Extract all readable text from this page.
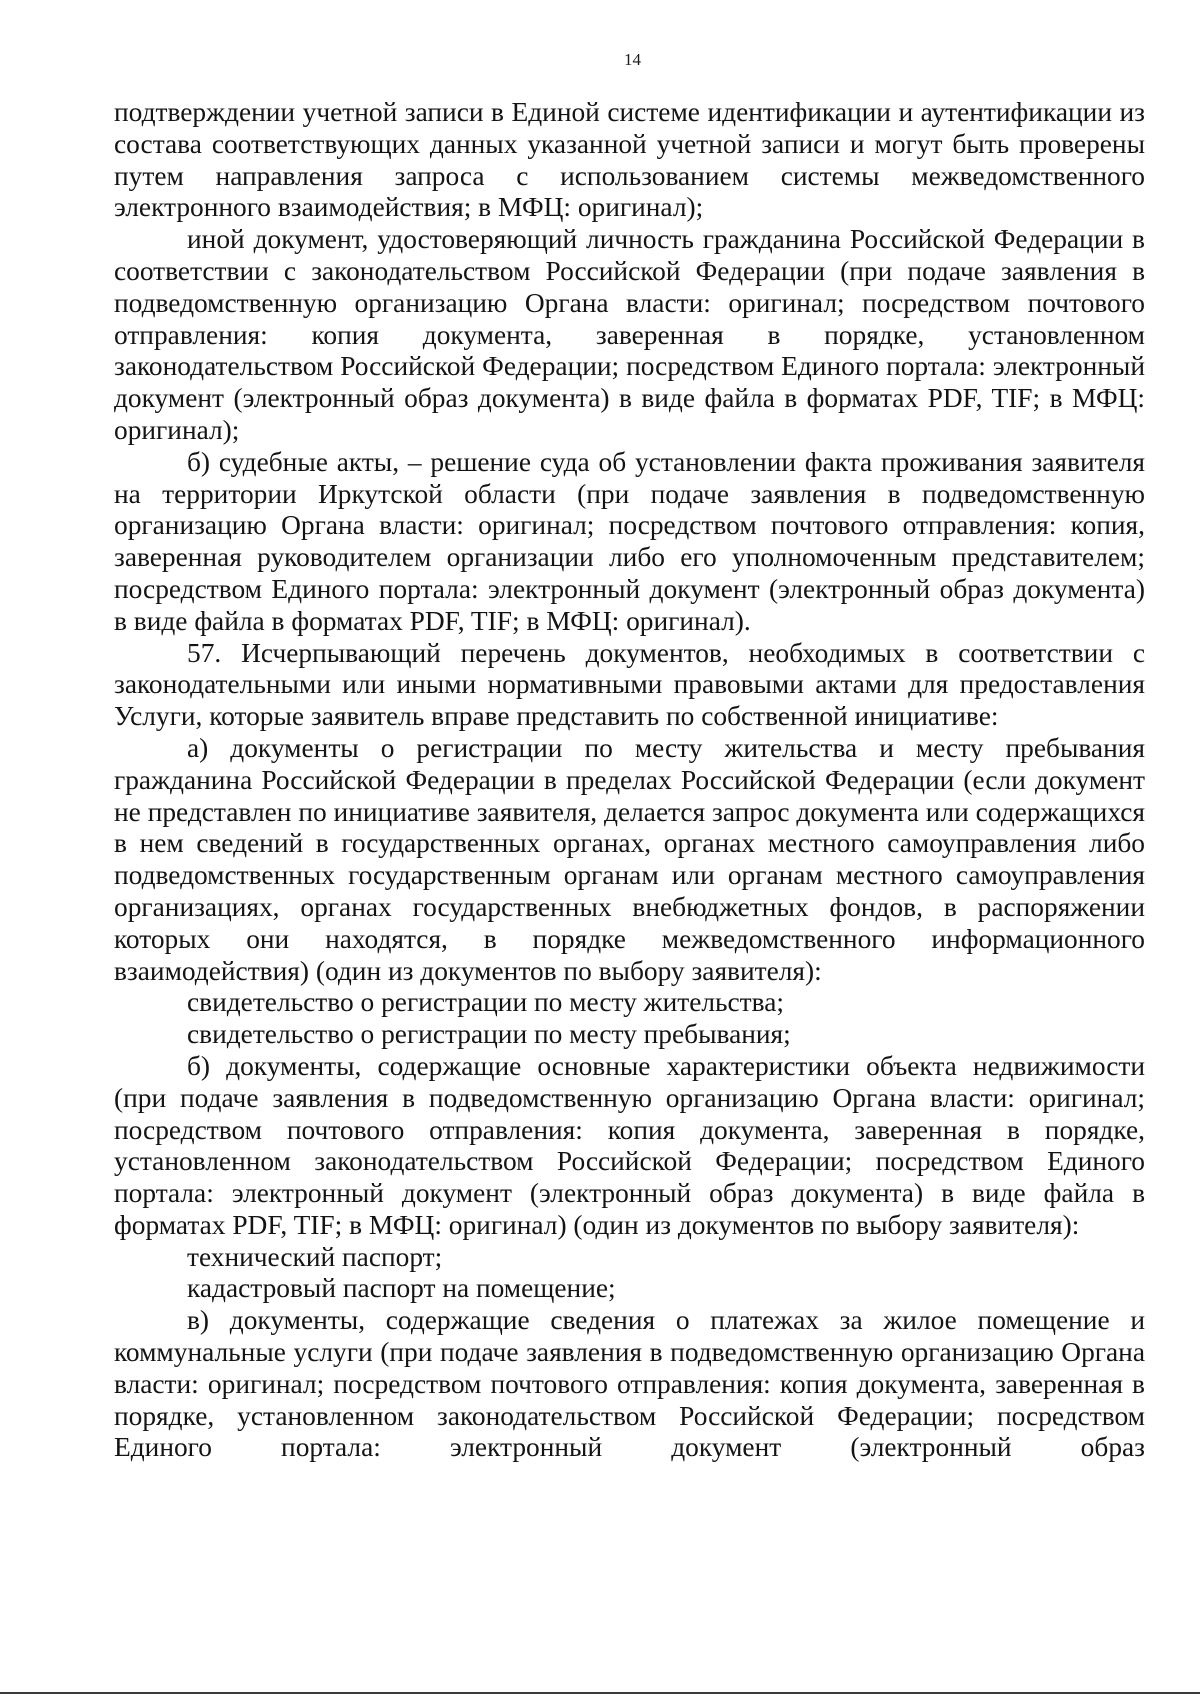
14

подтверждении учетной записи в Единой системе идентификации и аутентификации из состава соответствующих данных указанной учетной записи и могут быть проверены путем направления запроса с использованием системы межведомственного электронного взаимодействия; в МФЦ: оригинал);

иной документ, удостоверяющий личность гражданина Российской Федерации в соответствии с законодательством Российской Федерации (при подаче заявления в подведомственную организацию Органа власти: оригинал; посредством почтового отправления: копия документа, заверенная в порядке, установленном законодательством Российской Федерации; посредством Единого портала: электронный документ (электронный образ документа) в виде файла в форматах PDF, TIF; в МФЦ: оригинал);

б) судебные акты, – решение суда об установлении факта проживания заявителя на территории Иркутской области (при подаче заявления в подведомственную организацию Органа власти: оригинал; посредством почтового отправления: копия, заверенная руководителем организации либо его уполномоченным представителем; посредством Единого портала: электронный документ (электронный образ документа) в виде файла в форматах PDF, TIF; в МФЦ: оригинал).

57. Исчерпывающий перечень документов, необходимых в соответствии с законодательными или иными нормативными правовыми актами для предоставления Услуги, которые заявитель вправе представить по собственной инициативе:

а) документы о регистрации по месту жительства и месту пребывания гражданина Российской Федерации в пределах Российской Федерации (если документ не представлен по инициативе заявителя, делается запрос документа или содержащихся в нем сведений в государственных органах, органах местного самоуправления либо подведомственных государственным органам или органам местного самоуправления организациях, органах государственных внебюджетных фондов, в распоряжении которых они находятся, в порядке межведомственного информационного взаимодействия) (один из документов по выбору заявителя):

свидетельство о регистрации по месту жительства;

свидетельство о регистрации по месту пребывания;

б) документы, содержащие основные характеристики объекта недвижимости (при подаче заявления в подведомственную организацию Органа власти: оригинал; посредством почтового отправления: копия документа, заверенная в порядке, установленном законодательством Российской Федерации; посредством Единого портала: электронный документ (электронный образ документа) в виде файла в форматах PDF, TIF; в МФЦ: оригинал) (один из документов по выбору заявителя):

технический паспорт;

кадастровый паспорт на помещение;

в) документы, содержащие сведения о платежах за жилое помещение и коммунальные услуги (при подаче заявления в подведомственную организацию Органа власти: оригинал; посредством почтового отправления: копия документа, заверенная в порядке, установленном законодательством Российской Федерации; посредством Единого портала: электронный документ (электронный образ
